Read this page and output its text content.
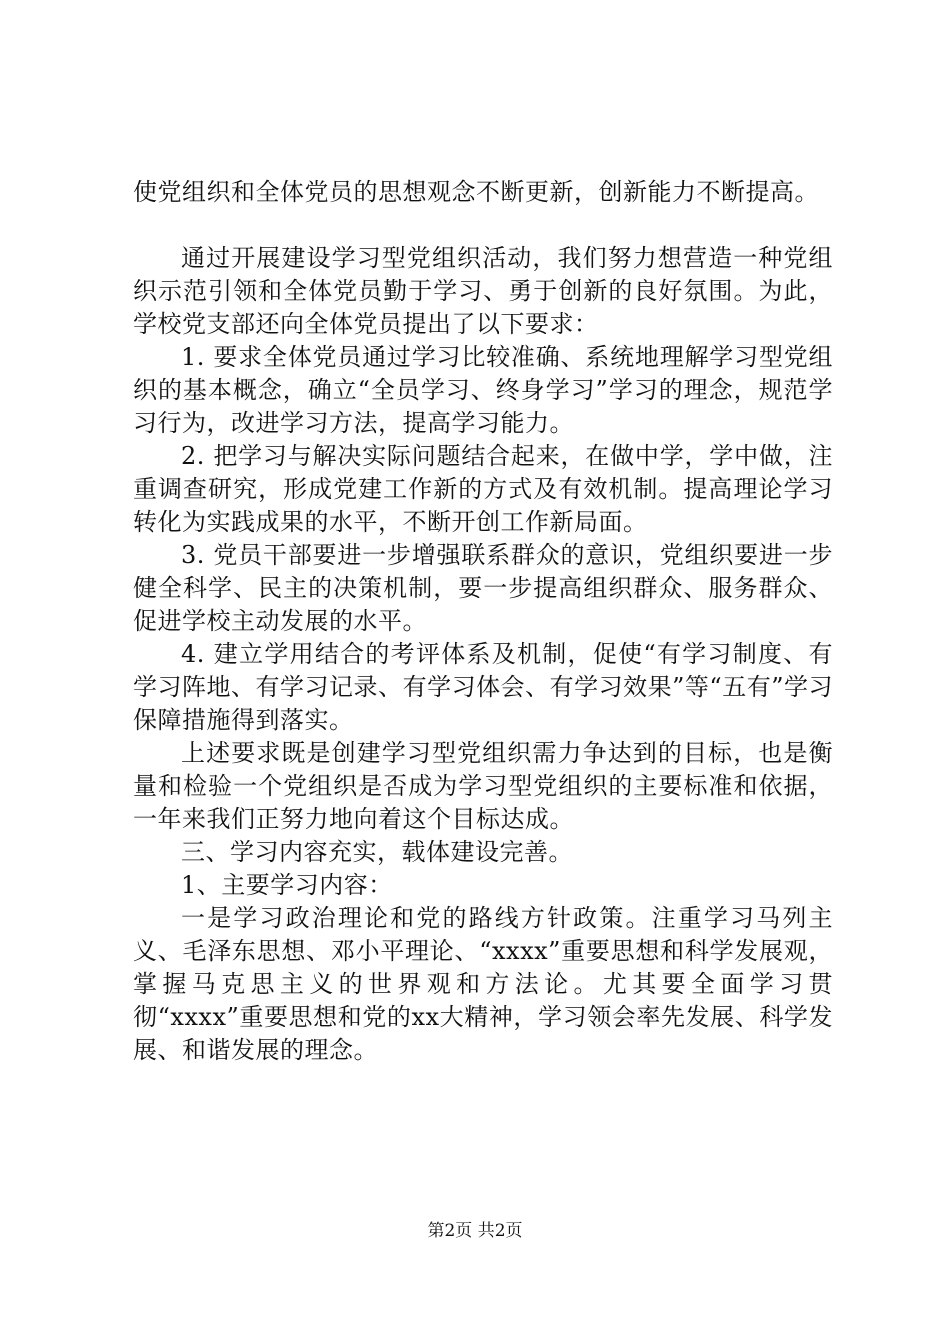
使党组织和全体党员的思想观念不断更新，创新能力不断提高。

通过开展建设学习型党组织活动，我们努力想营造一种党组织示范引领和全体党员勤于学习、勇于创新的良好氛围。为此，学校党支部还向全体党员提出了以下要求：

1. 要求全体党员通过学习比较准确、系统地理解学习型党组织的基本概念，确立“全员学习、终身学习”学习的理念，规范学习行为，改进学习方法，提高学习能力。

2. 把学习与解决实际问题结合起来，在做中学，学中做，注重调查研究，形成党建工作新的方式及有效机制。提高理论学习转化为实践成果的水平，不断开创工作新局面。

3. 党员干部要进一步增强联系群众的意识，党组织要进一步健全科学、民主的决策机制，要一步提高组织群众、服务群众、促进学校主动发展的水平。

4. 建立学用结合的考评体系及机制，促使“有学习制度、有学习阵地、有学习记录、有学习体会、有学习效果”等“五有”学习保障措施得到落实。

上述要求既是创建学习型党组织需力争达到的目标，也是衡量和检验一个党组织是否成为学习型党组织的主要标准和依据，一年来我们正努力地向着这个目标达成。

三、学习内容充实，载体建设完善。

1、主要学习内容：

一是学习政治理论和党的路线方针政策。注重学习马列主义、毛泽东思想、邓小平理论、“xxxx”重要思想和科学发展观，掌握马克思主义的世界观和方法论。尤其要全面学习贯彻“xxxx”重要思想和党的xx大精神，学习领会率先发展、科学发展、和谐发展的理念。

第2页 共2页
